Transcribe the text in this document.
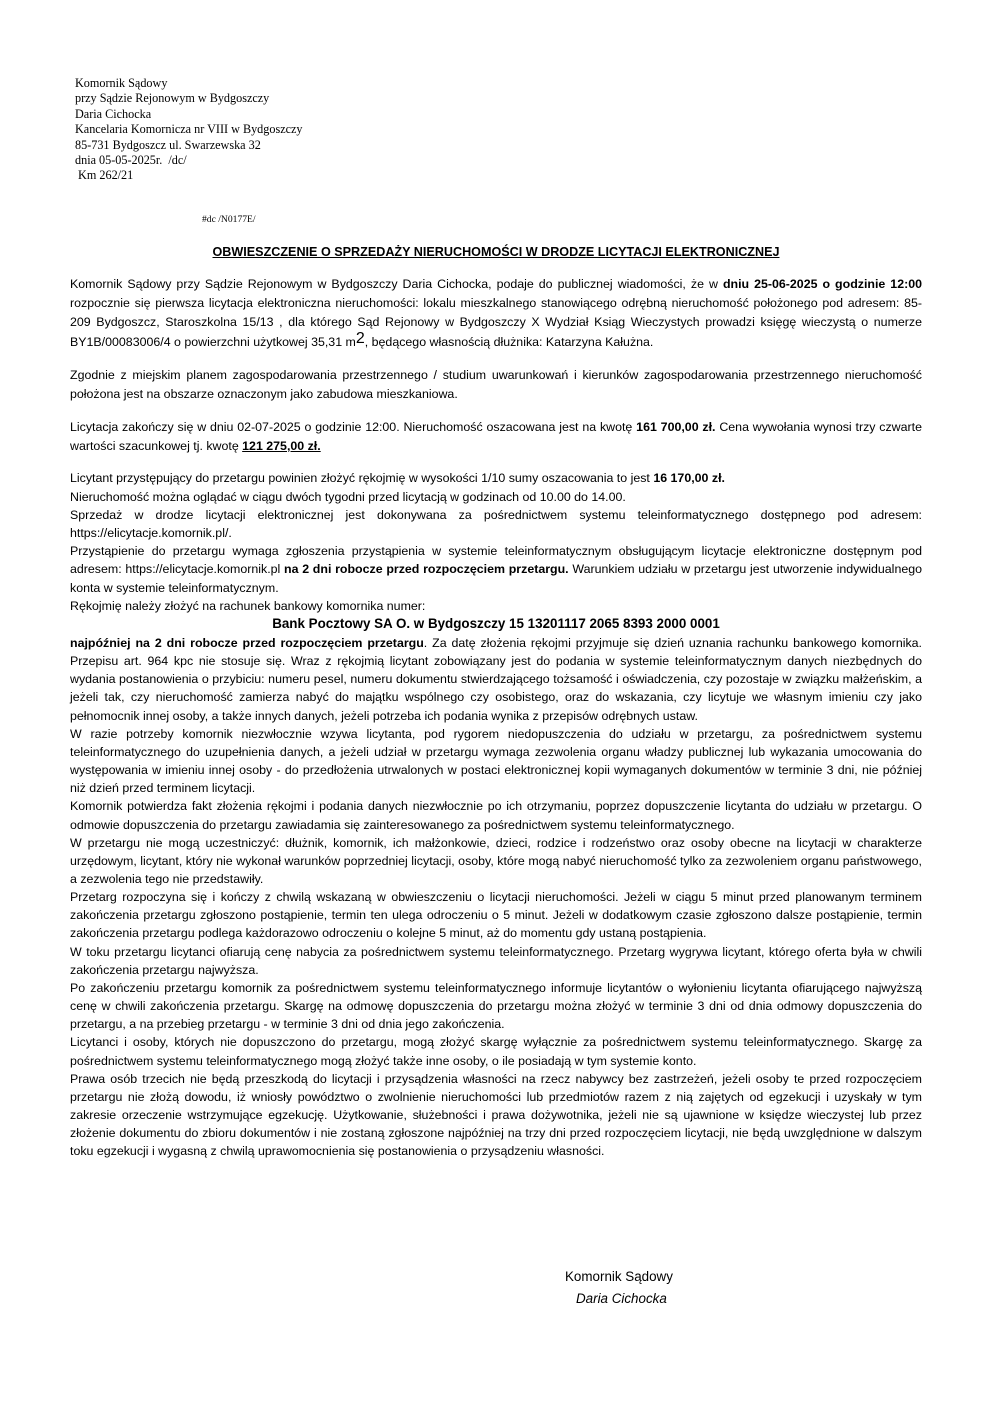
Komornik Sądowy
przy Sądzie Rejonowym w Bydgoszczy
Daria Cichocka
Kancelaria Komornicza nr VIII w Bydgoszczy
85-731 Bydgoszcz ul. Swarzewska 32
dnia 05-05-2025r.  /dc/
Km 262/21
#dc /N0177E/
OBWIESZCZENIE O SPRZEDAŻY NIERUCHOMOŚCI W DRODZE LICYTACJI ELEKTRONICZNEJ

Komornik Sądowy przy Sądzie Rejonowym w Bydgoszczy Daria Cichocka, podaje do publicznej wiadomości, że w dniu 25-06-2025 o godzinie 12:00 rozpocznie się pierwsza licytacja elektroniczna nieruchomości: lokalu mieszkalnego stanowiącego odrębną nieruchomość położonego pod adresem: 85-209 Bydgoszcz, Staroszkolna 15/13 , dla którego Sąd Rejonowy w Bydgoszczy X Wydział Ksiąg Wieczystych prowadzi księgę wieczystą o numerze BY1B/00083006/4 o powierzchni użytkowej 35,31 m2, będącego własnością dłużnika: Katarzyna Kałużna.

Zgodnie z miejskim planem zagospodarowania przestrzennego / studium uwarunkowań i kierunków zagospodarowania przestrzennego nieruchomość położona jest na obszarze oznaczonym jako zabudowa mieszkaniowa.

Licytacja zakończy się w dniu 02-07-2025 o godzinie 12:00. Nieruchomość oszacowana jest na kwotę 161 700,00 zł. Cena wywołania wynosi trzy czwarte wartości szacunkowej tj. kwotę 121 275,00 zł.

Licytant przystępujący do przetargu powinien złożyć rękojmię w wysokości 1/10 sumy oszacowania to jest 16 170,00 zł.

Nieruchomość można oglądać w ciągu dwóch tygodni przed licytacją w godzinach od 10.00 do 14.00.

Sprzedaż w drodze licytacji elektronicznej jest dokonywana za pośrednictwem systemu teleinformatycznego dostępnego pod adresem: https://elicytacje.komornik.pl/.

Przystąpienie do przetargu wymaga zgłoszenia przystąpienia w systemie teleinformatycznym obsługującym licytacje elektroniczne dostępnym pod adresem: https://elicytacje.komornik.pl na 2 dni robocze przed rozpoczęciem przetargu. Warunkiem udziału w przetargu jest utworzenie indywidualnego konta w systemie teleinformatycznym.

Rękojmię należy złożyć na rachunek bankowy komornika numer:

Bank Pocztowy SA O. w Bydgoszczy 15 13201117 2065 8393 2000 0001

najpóźniej na 2 dni robocze przed rozpoczęciem przetargu. Za datę złożenia rękojmi przyjmuje się dzień uznania rachunku bankowego komornika. Przepisu art. 964 kpc nie stosuje się. Wraz z rękojmią licytant zobowiązany jest do podania w systemie teleinformatycznym danych niezbędnych do wydania postanowienia o przybiciu: numeru pesel, numeru dokumentu stwierdzającego tożsamość i oświadczenia, czy pozostaje w związku małżeńskim, a jeżeli tak, czy nieruchomość zamierza nabyć do majątku wspólnego czy osobistego, oraz do wskazania, czy licytuje we własnym imieniu czy jako pełnomocnik innej osoby, a także innych danych, jeżeli potrzeba ich podania wynika z przepisów odrębnych ustaw.

W razie potrzeby komornik niezwłocznie wzywa licytanta, pod rygorem niedopuszczenia do udziału w przetargu, za pośrednictwem systemu teleinformatycznego do uzupełnienia danych, a jeżeli udział w przetargu wymaga zezwolenia organu władzy publicznej lub wykazania umocowania do występowania w imieniu innej osoby - do przedłożenia utrwalonych w postaci elektronicznej kopii wymaganych dokumentów w terminie 3 dni, nie później niż dzień przed terminem licytacji.

Komornik potwierdza fakt złożenia rękojmi i podania danych niezwłocznie po ich otrzymaniu, poprzez dopuszczenie licytanta do udziału w przetargu. O odmowie dopuszczenia do przetargu zawiadamia się zainteresowanego za pośrednictwem systemu teleinformatycznego.

W przetargu nie mogą uczestniczyć: dłużnik, komornik, ich małżonkowie, dzieci, rodzice i rodzeństwo oraz osoby obecne na licytacji w charakterze urzędowym, licytant, który nie wykonał warunków poprzedniej licytacji, osoby, które mogą nabyć nieruchomość tylko za zezwoleniem organu państwowego, a zezwolenia tego nie przedstawiły.

Przetarg rozpoczyna się i kończy z chwilą wskazaną w obwieszczeniu o licytacji nieruchomości. Jeżeli w ciągu 5 minut przed planowanym terminem zakończenia przetargu zgłoszono postąpienie, termin ten ulega odroczeniu o 5 minut. Jeżeli w dodatkowym czasie zgłoszono dalsze postąpienie, termin zakończenia przetargu podlega każdorazowo odroczeniu o kolejne 5 minut, aż do momentu gdy ustaną postąpienia.

W toku przetargu licytanci ofiarują cenę nabycia za pośrednictwem systemu teleinformatycznego. Przetarg wygrywa licytant, którego oferta była w chwili zakończenia przetargu najwyższa.

Po zakończeniu przetargu komornik za pośrednictwem systemu teleinformatycznego informuje licytantów o wyłonieniu licytanta ofiarującego najwyższą cenę w chwili zakończenia przetargu. Skargę na odmowę dopuszczenia do przetargu można złożyć w terminie 3 dni od dnia odmowy dopuszczenia do przetargu, a na przebieg przetargu - w terminie 3 dni od dnia jego zakończenia.

Licytanci i osoby, których nie dopuszczono do przetargu, mogą złożyć skargę wyłącznie za pośrednictwem systemu teleinformatycznego. Skargę za pośrednictwem systemu teleinformatycznego mogą złożyć także inne osoby, o ile posiadają w tym systemie konto.

Prawa osób trzecich nie będą przeszkodą do licytacji i przysądzenia własności na rzecz nabywcy bez zastrzeżeń, jeżeli osoby te przed rozpoczęciem przetargu nie złożą dowodu, iż wniosły powództwo o zwolnienie nieruchomości lub przedmiotów razem z nią zajętych od egzekucji i uzyskały w tym zakresie orzeczenie wstrzymujące egzekucję. Użytkowanie, służebności i prawa dożywotnika, jeżeli nie są ujawnione w księdze wieczystej lub przez złożenie dokumentu do zbioru dokumentów i nie zostaną zgłoszone najpóźniej na trzy dni przed rozpoczęciem licytacji, nie będą uwzględnione w dalszym toku egzekucji i wygasną z chwilą uprawomocnienia się postanowienia o przysądzeniu własności.

Komornik Sądowy
Daria Cichocka
